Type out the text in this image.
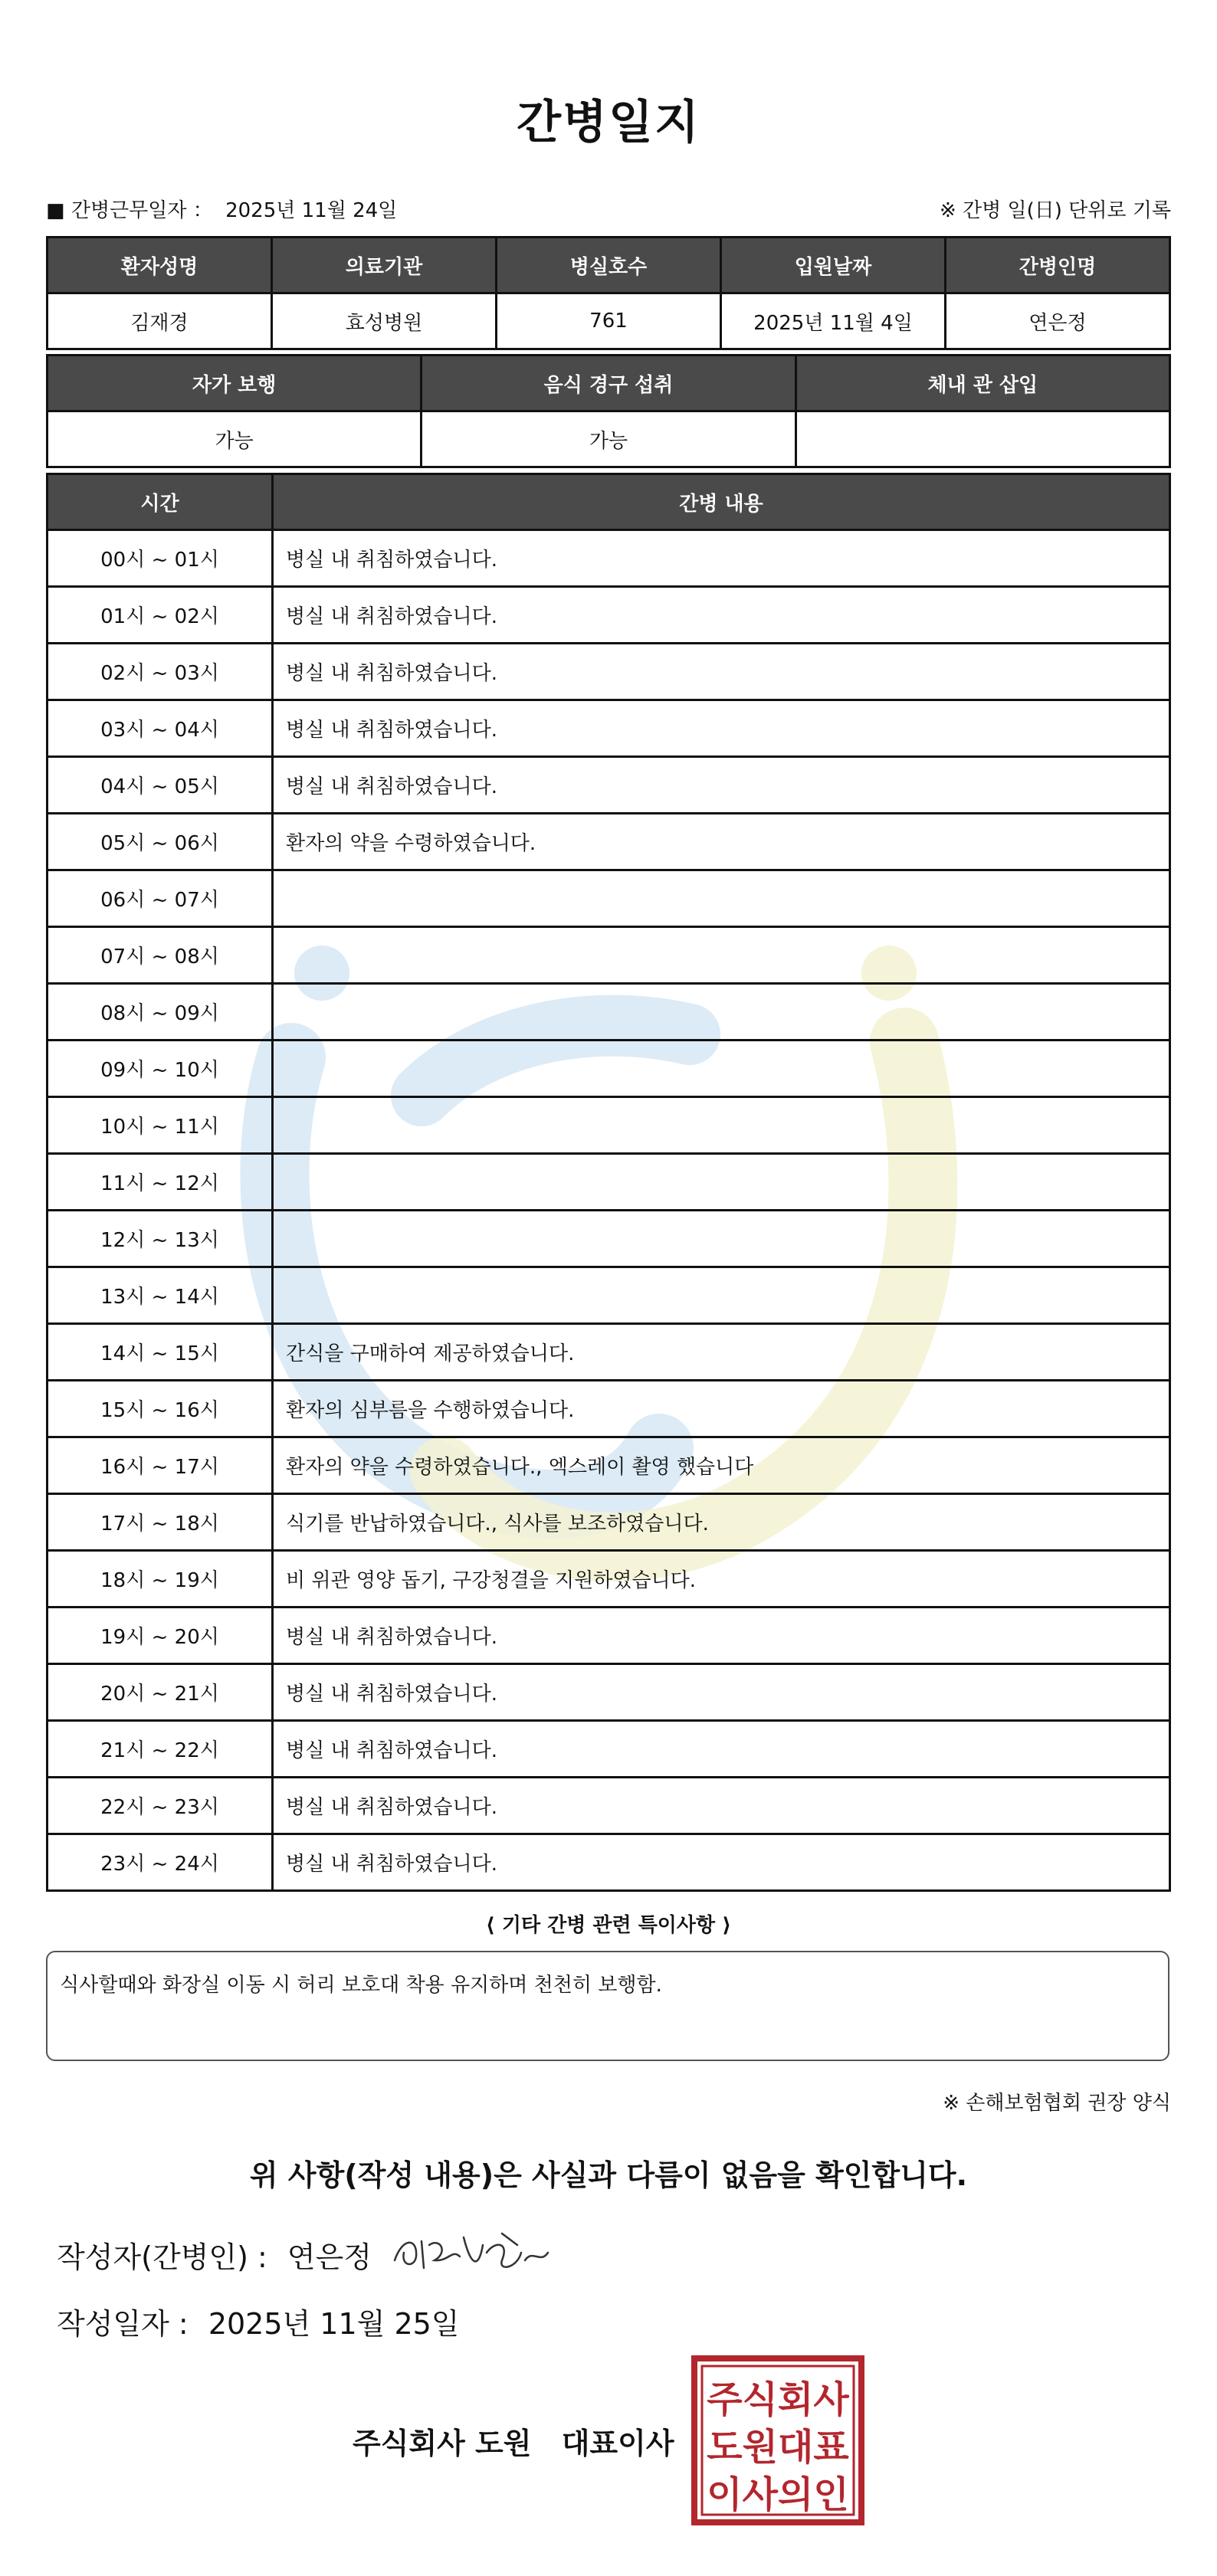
간병일지
■ 간병근무일자 ： 2025년 11월 24일	※ 간병 일(日) 단위로 기록
환자성명	의료기관	병실호수	입원날짜	간병인명
김재경	효성병원	761	2025년 11월 4일	연은정
자가 보행	음식 경구 섭취	체내 관 삽입
가능	가능	
시간	간병 내용
00시 ~ 01시	병실 내 취침하였습니다.
01시 ~ 02시	병실 내 취침하였습니다.
02시 ~ 03시	병실 내 취침하였습니다.
03시 ~ 04시	병실 내 취침하였습니다.
04시 ~ 05시	병실 내 취침하였습니다.
05시 ~ 06시	환자의 약을 수령하였습니다.
06시 ~ 07시	
07시 ~ 08시	
08시 ~ 09시	
09시 ~ 10시	
10시 ~ 11시	
11시 ~ 12시	
12시 ~ 13시	
13시 ~ 14시	
14시 ~ 15시	간식을 구매하여 제공하였습니다.
15시 ~ 16시	환자의 심부름을 수행하였습니다.
16시 ~ 17시	환자의 약을 수령하였습니다., 엑스레이 촬영 했습니다
17시 ~ 18시	식기를 반납하였습니다., 식사를 보조하였습니다.
18시 ~ 19시	비 위관 영양 돕기, 구강청결을 지원하였습니다.
19시 ~ 20시	병실 내 취침하였습니다.
20시 ~ 21시	병실 내 취침하였습니다.
21시 ~ 22시	병실 내 취침하였습니다.
22시 ~ 23시	병실 내 취침하였습니다.
23시 ~ 24시	병실 내 취침하였습니다.
⟨ 기타 간병 관련 특이사항 ⟩
식사할때와 화장실 이동 시 허리 보호대 착용 유지하며 천천히 보행함.
※ 손해보험협회 권장 양식
위 사항(작성 내용)은 사실과 다름이 없음을 확인합니다.
작성자(간병인) : 연은정
작성일자 : 2025년 11월 25일
주식회사 도원 대표이사
주식회사
도원대표
이사의인
